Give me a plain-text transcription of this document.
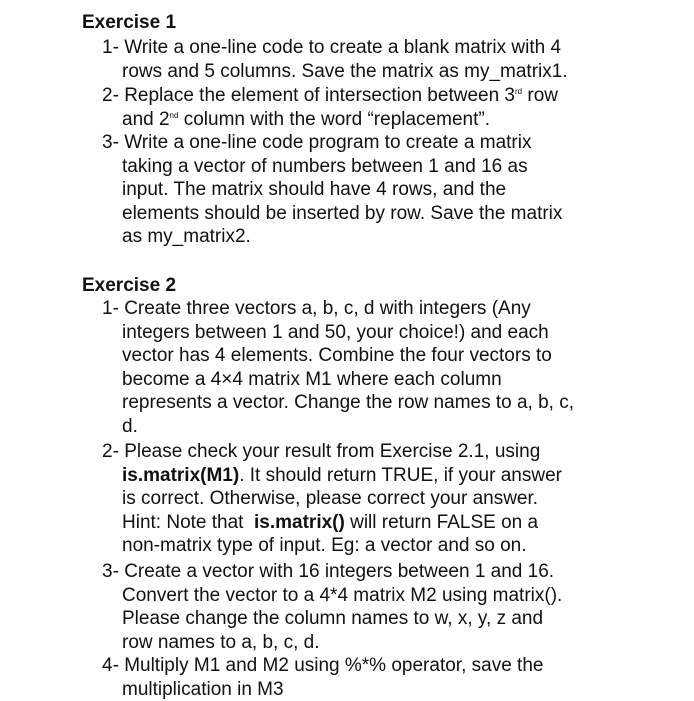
Exercise 1
1- Write a one-line code to create a blank matrix with 4
rows and 5 columns. Save the matrix as my_matrix1.
2- Replace the element of intersection between 3rd row
and 2nd column with the word “replacement”.
3- Write a one-line code program to create a matrix
taking a vector of numbers between 1 and 16 as
input. The matrix should have 4 rows, and the
elements should be inserted by row. Save the matrix
as my_matrix2.
Exercise 2
1- Create three vectors a, b, c, d with integers (Any
integers between 1 and 50, your choice!) and each
vector has 4 elements. Combine the four vectors to
become a 4×4 matrix M1 where each column
represents a vector. Change the row names to a, b, c,
d.
2- Please check your result from Exercise 2.1, using
is.matrix(M1). It should return TRUE, if your answer
is correct. Otherwise, please correct your answer.
Hint: Note that  is.matrix() will return FALSE on a
non-matrix type of input. Eg: a vector and so on.
3- Create a vector with 16 integers between 1 and 16.
Convert the vector to a 4*4 matrix M2 using matrix().
Please change the column names to w, x, y, z and
row names to a, b, c, d.
4- Multiply M1 and M2 using %*% operator, save the
multiplication in M3
